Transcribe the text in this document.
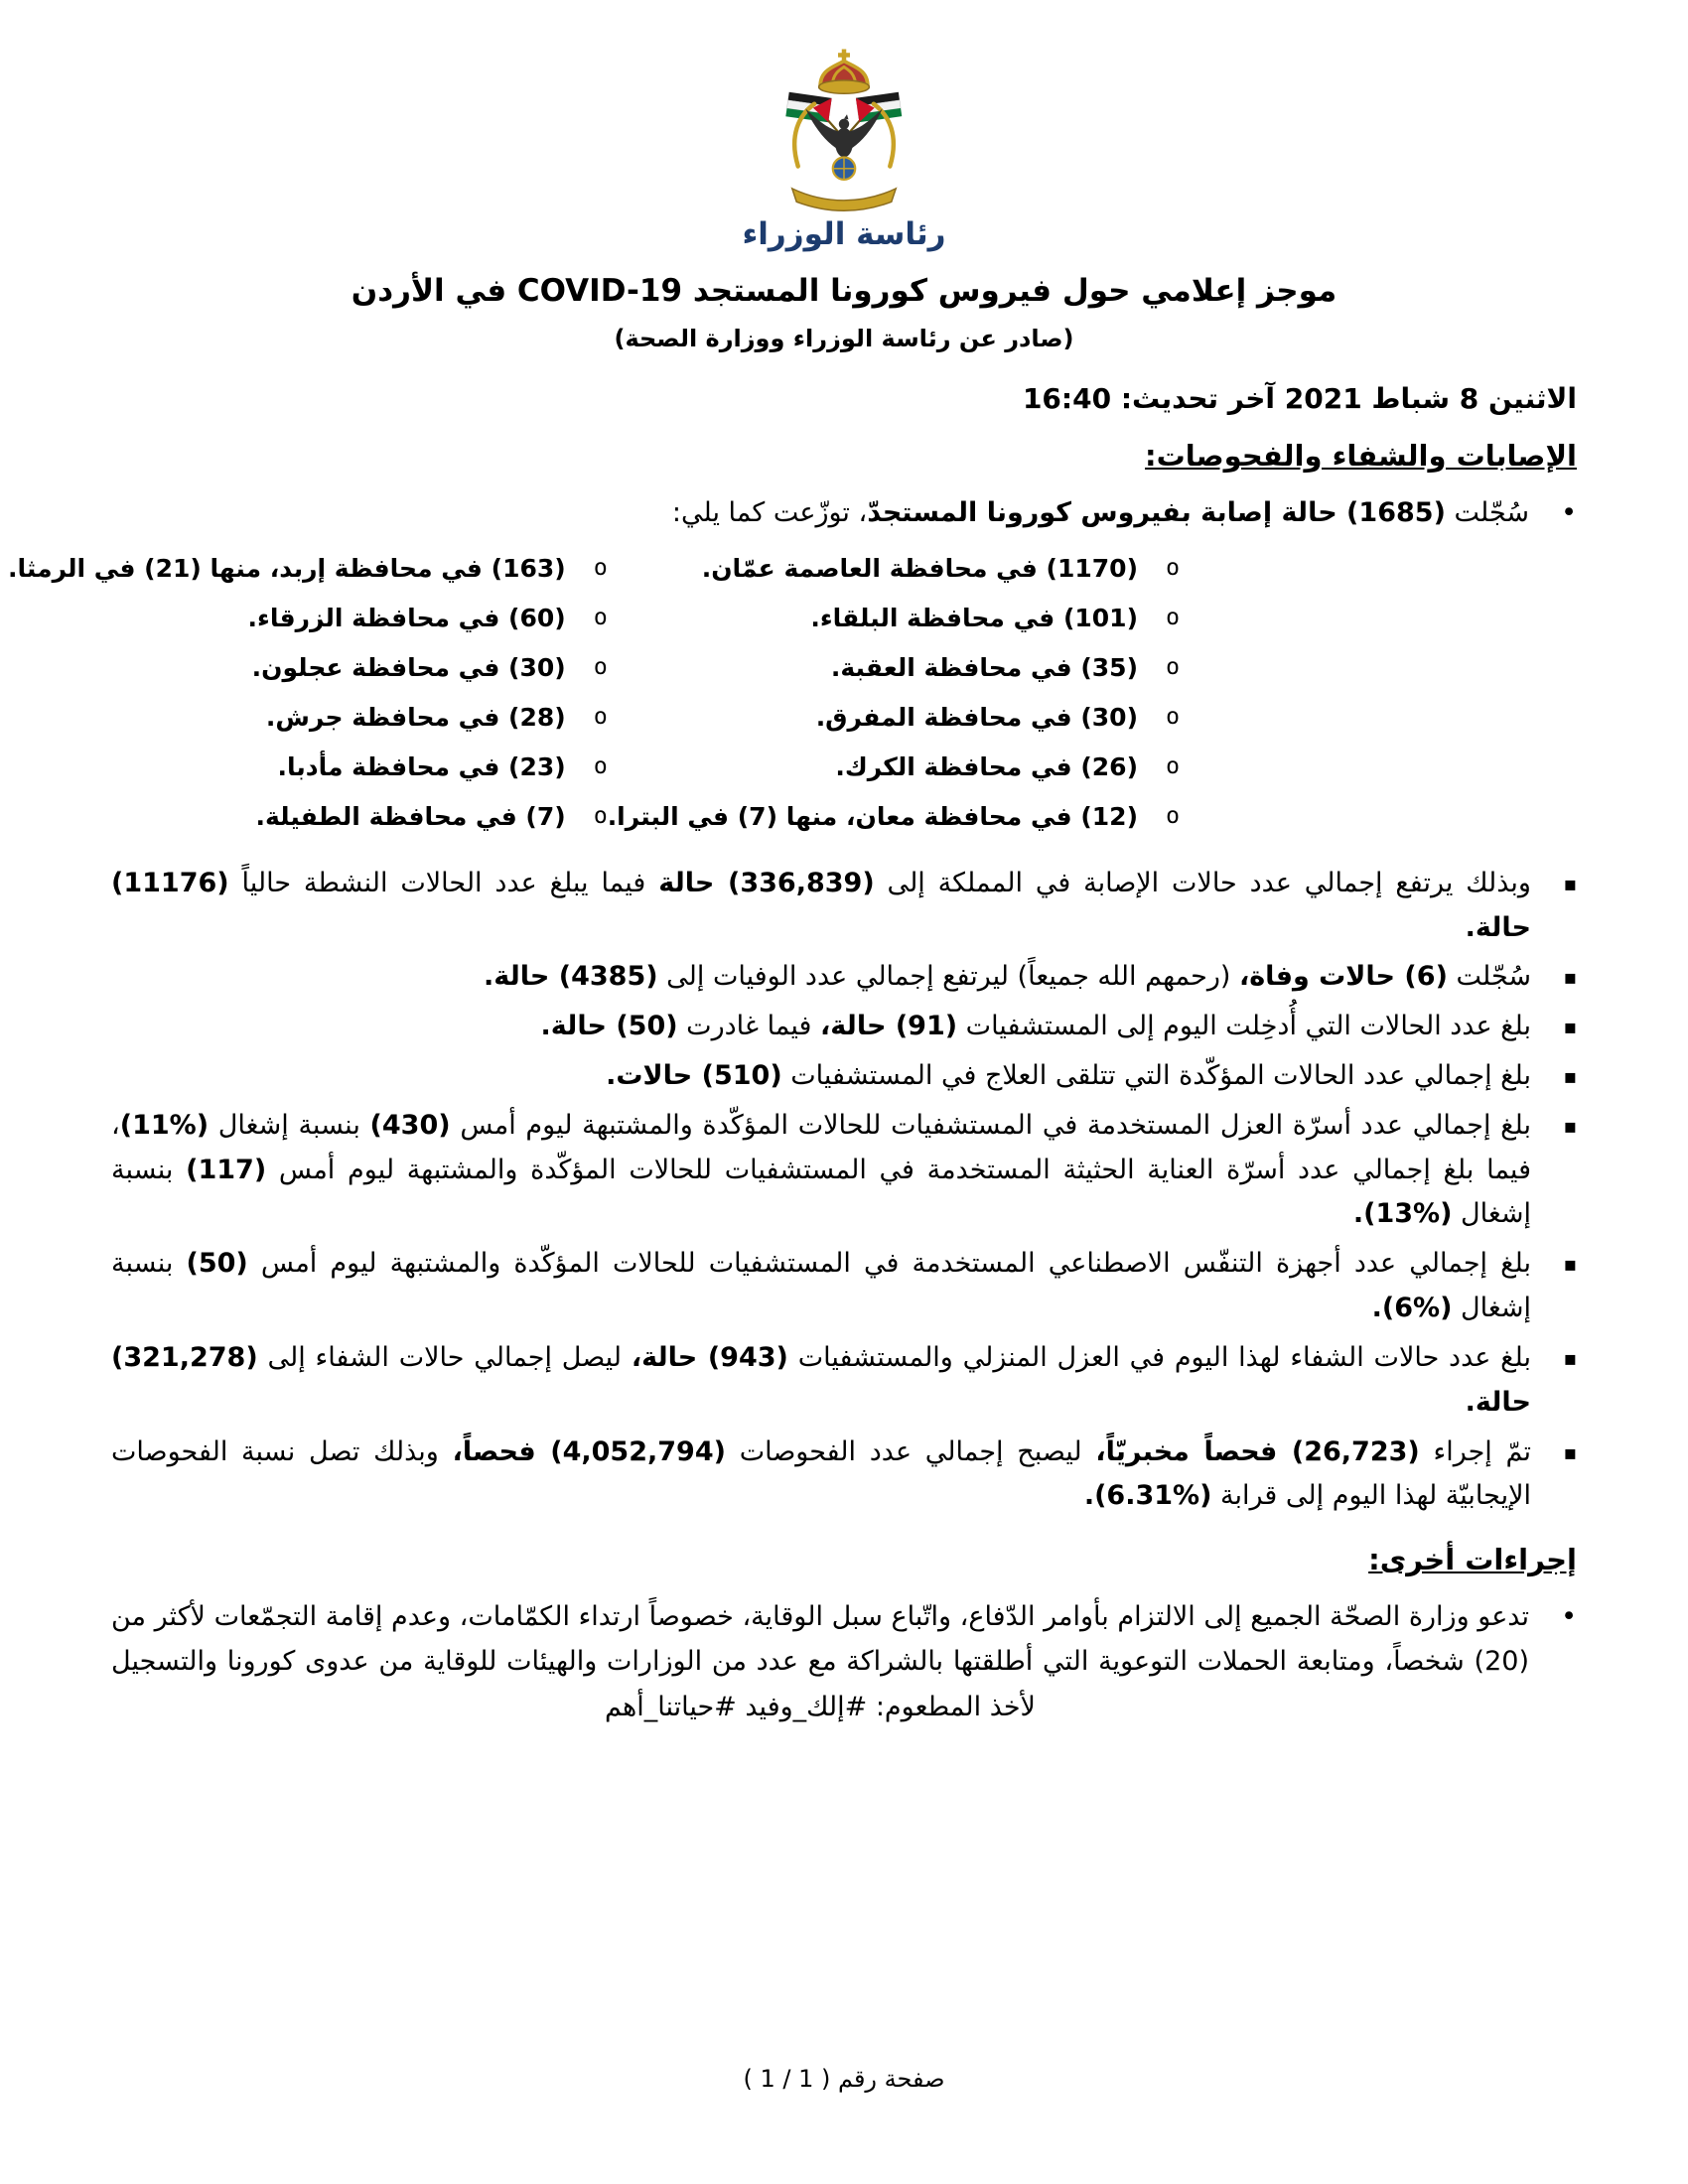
رئاسة الوزراء
موجز إعلامي حول فيروس كورونا المستجد COVID-19 في الأردن
(صادر عن رئاسة الوزراء ووزارة الصحة)
الاثنين 8 شباط 2021 آخر تحديث: 16:40
الإصابات والشفاء والفحوصات:
•
سُجّلت (1685) حالة إصابة بفيروس كورونا المستجدّ، توزّعت كما يلي:
o
(1170) في محافظة العاصمة عمّان.
o
(101) في محافظة البلقاء.
o
(35) في محافظة العقبة.
o
(30) في محافظة المفرق.
o
(26) في محافظة الكرك.
o
(12) في محافظة معان، منها (7) في البترا.
o
(163) في محافظة إربد، منها (21) في الرمثا.
o
(60) في محافظة الزرقاء.
o
(30) في محافظة عجلون.
o
(28) في محافظة جرش.
o
(23) في محافظة مأدبا.
o
(7) في محافظة الطفيلة.
▪
وبذلك يرتفع إجمالي عدد حالات الإصابة في المملكة إلى (336,839) حالة فيما يبلغ عدد الحالات النشطة حالياً (11176) حالة.
▪
سُجّلت (6) حالات وفاة، (رحمهم الله جميعاً) ليرتفع إجمالي عدد الوفيات إلى (4385) حالة.
▪
بلغ عدد الحالات التي أُدخِلت اليوم إلى المستشفيات (91) حالة، فيما غادرت (50) حالة.
▪
بلغ إجمالي عدد الحالات المؤكّدة التي تتلقى العلاج في المستشفيات (510) حالات.
▪
بلغ إجمالي عدد أسرّة العزل المستخدمة في المستشفيات للحالات المؤكّدة والمشتبهة ليوم أمس (430) بنسبة إشغال (%11)، فيما بلغ إجمالي عدد أسرّة العناية الحثيثة المستخدمة في المستشفيات للحالات المؤكّدة والمشتبهة ليوم أمس (117) بنسبة إشغال (%13).
▪
بلغ إجمالي عدد أجهزة التنفّس الاصطناعي المستخدمة في المستشفيات للحالات المؤكّدة والمشتبهة ليوم أمس (50) بنسبة إشغال (%6).
▪
بلغ عدد حالات الشفاء لهذا اليوم في العزل المنزلي والمستشفيات (943) حالة، ليصل إجمالي حالات الشفاء إلى (321,278) حالة.
▪
تمّ إجراء (26,723) فحصاً مخبريّاً، ليصبح إجمالي عدد الفحوصات (4,052,794) فحصاً، وبذلك تصل نسبة الفحوصات الإيجابيّة لهذا اليوم إلى قرابة (%6.31).
إجراءات أخرى:
•
تدعو وزارة الصحّة الجميع إلى الالتزام بأوامر الدّفاع، واتّباع سبل الوقاية، خصوصاً ارتداء الكمّامات، وعدم إقامة التجمّعات لأكثر من (20) شخصاً، ومتابعة الحملات التوعوية التي أطلقتها بالشراكة مع عدد من الوزارات والهيئات للوقاية من عدوى كورونا والتسجيل لأخذ المطعوم: #إلك_وفيد #حياتنا_أهم
صفحة رقم ( 1 / 1 )
